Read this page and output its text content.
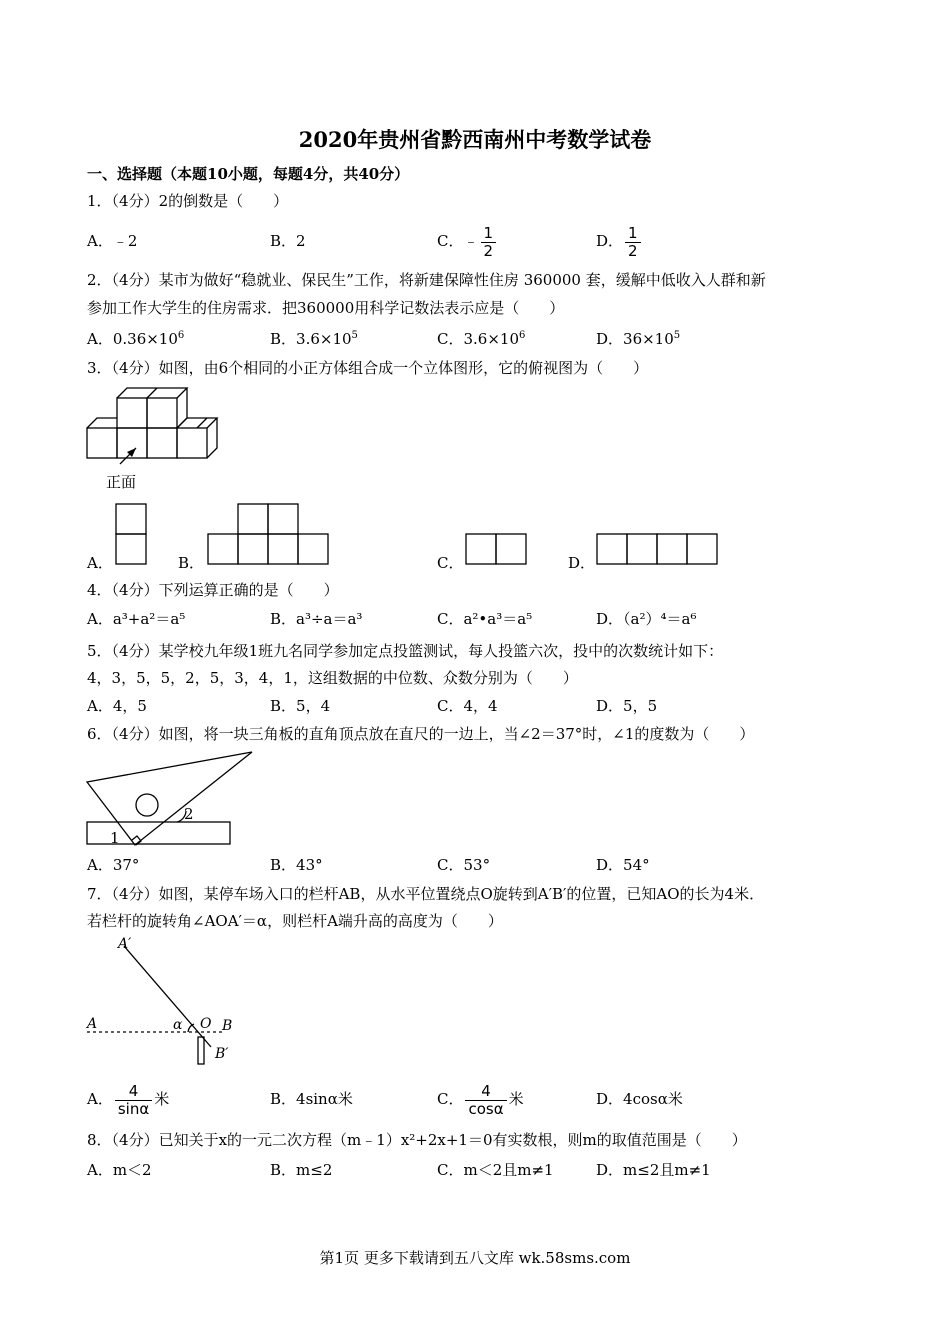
2020年贵州省黔西南州中考数学试卷
一、选择题（本题10小题，每题4分，共40分）
1．（4分）2的倒数是（　　）
A．﹣2	B．2	C．﹣ $\frac{1}{2}$	D． $\frac{1}{2}$
2．（4分）某市为做好“稳就业、保民生”工作，将新建保障性住房 360000 套，缓解中低收入人群和新
参加工作大学生的住房需求．把360000用科学记数法表示应是（　　）
A．$0.36\times 10^6$	B．$3.6\times 10^5$	C．$3.6\times 10^6$	D．$36\times 10^5$
3．（4分）如图，由6个相同的小正方体组合成一个立体图形，它的俯视图为（　　）
正面
A．	B．	C．	D．
4．（4分）下列运算正确的是（　　）
A．a³+a²＝a⁵	B．a³÷a＝a³	C．a²•a³＝a⁵	D．（a²）⁴＝a⁶
5．（4分）某学校九年级1班九名同学参加定点投篮测试，每人投篮六次，投中的次数统计如下：
4，3，5，5，2，5，3，4，1，这组数据的中位数、众数分别为（　　）
A．4，5	B．5，4	C．4，4	D．5，5
6．（4分）如图，将一块三角板的直角顶点放在直尺的一边上，当∠2＝37°时，∠1的度数为（　　）
1
2
A．37°	B．43°	C．53°	D．54°
7．（4分）如图，某停车场入口的栏杆AB，从水平位置绕点O旋转到A′B′的位置，已知AO的长为4米．
若栏杆的旋转角∠AOA′＝α，则栏杆A端升高的高度为（　　）
A′
A	α O B
B′
A． $\frac{4}{\sin\alpha}$ 米	B．4sinα米	C． $\frac{4}{\cos\alpha}$ 米	D．4cosα米
8．（4分）已知关于x的一元二次方程（m﹣1）x²+2x+1＝0有实数根，则m的取值范围是（　　）
A．m＜2	B．m≤2	C．m＜2且m≠1	D．m≤2且m≠1
第1页 更多下载请到五八文库 wk.58sms.com
